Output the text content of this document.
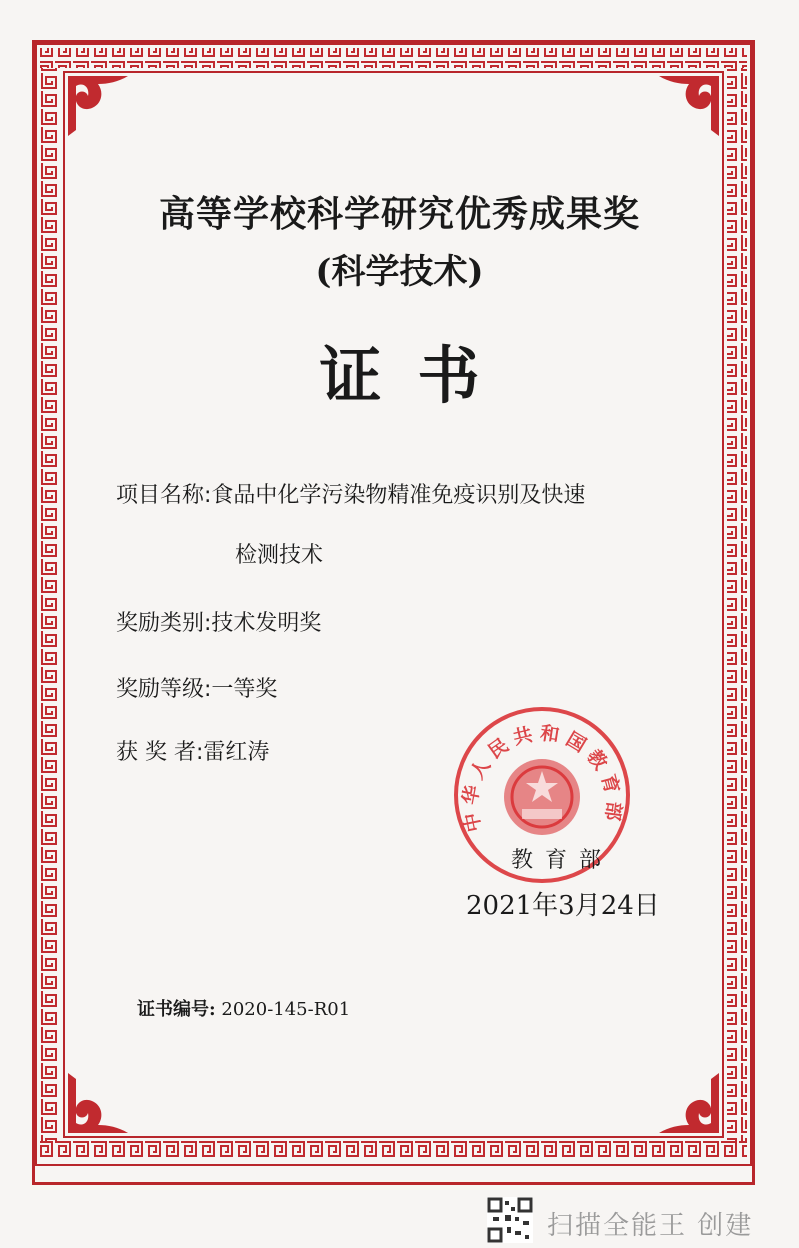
高等学校科学研究优秀成果奖
(科学技术)
证书
项目名称:食品中化学污染物精准免疫识别及快速
检测技术
奖励类别:技术发明奖
奖励等级:一等奖
获 奖 者:雷红涛
中华人民共和国教育部
教育部
2021年3月24日
证书编号: 2020-145-R01
扫描全能王 创建
